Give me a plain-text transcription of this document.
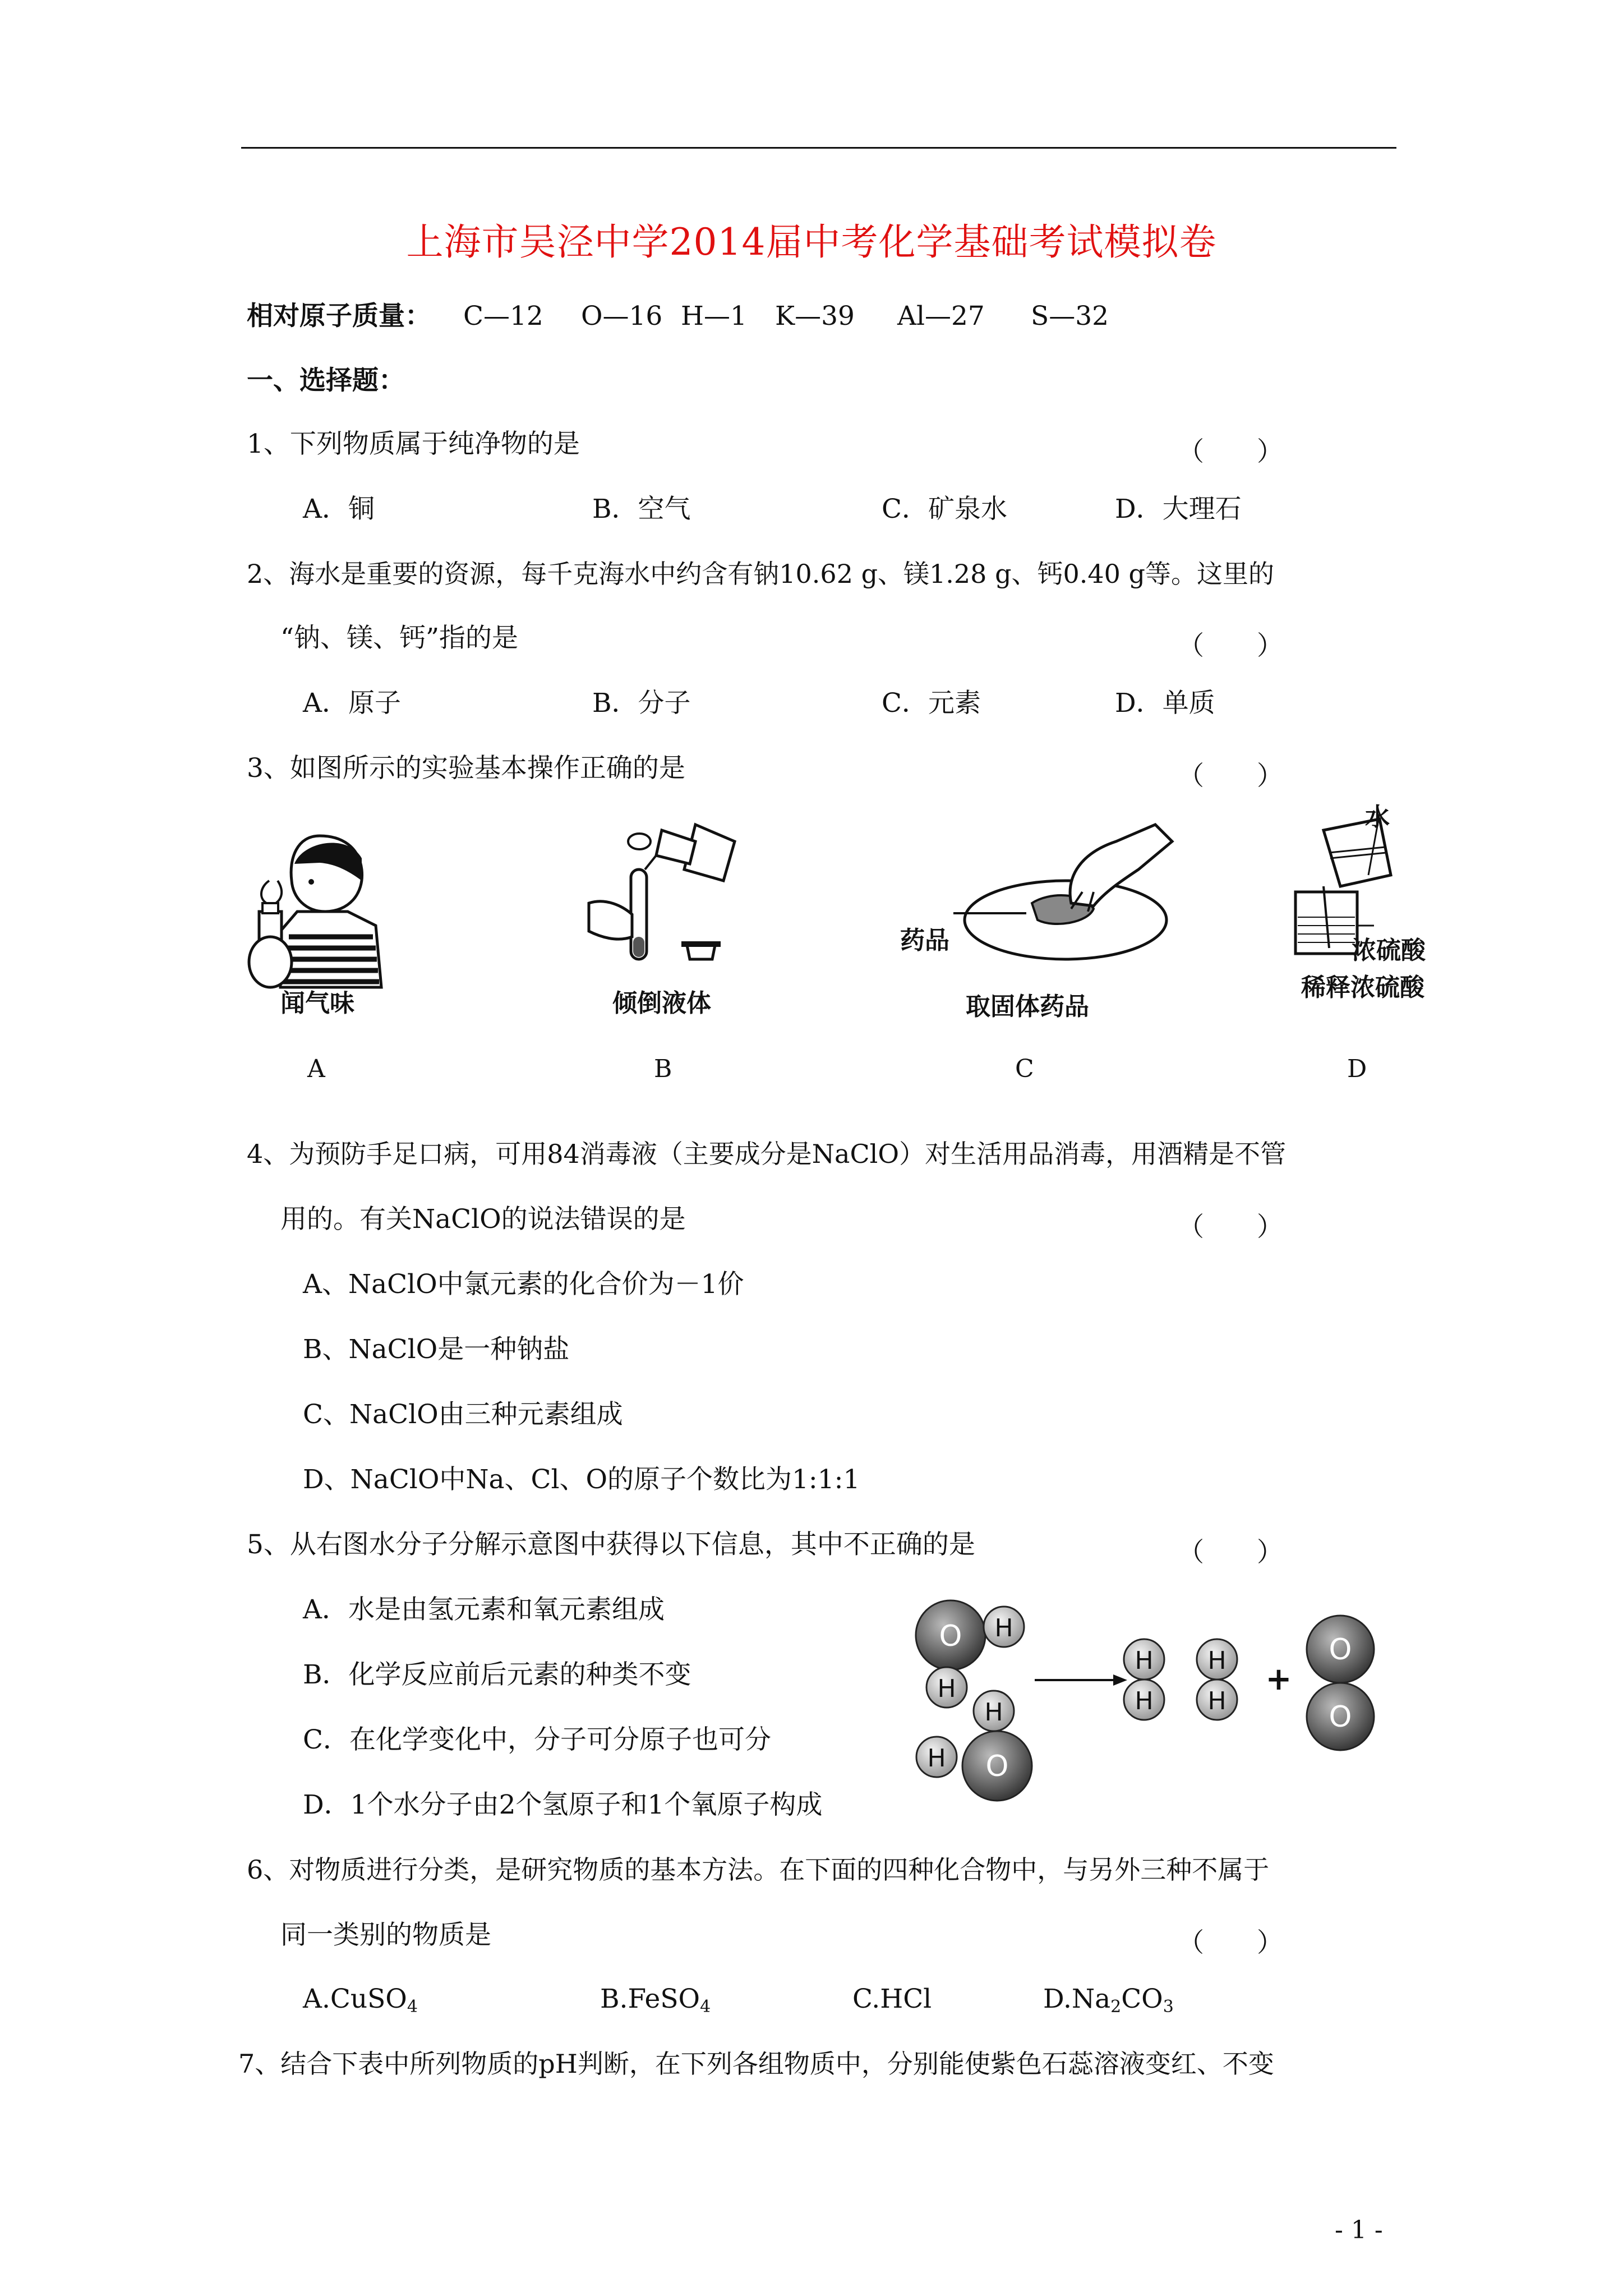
上海市吴泾中学2014届中考化学基础考试模拟卷
相对原子质量： C—12 O—16 H—1 K—39 Al—27 S—32
一、选择题：
1、下列物质属于纯净物的是	（　　）
A．铜	B．空气	C．矿泉水	D．大理石
2、海水是重要的资源，每千克海水中约含有钠10.62 g、镁1.28 g、钙0.40 g等。这里的
“钠、镁、钙”指的是	（　　）
A．原子	B．分子	C．元素	D．单质
3、如图所示的实验基本操作正确的是	（　　）
闻气味	倾倒液体
药品
取固体药品
水
浓硫酸
稀释浓硫酸
A	B	C	D
4、为预防手足口病，可用84消毒液（主要成分是NaClO）对生活用品消毒，用酒精是不管
用的。有关NaClO的说法错误的是	（　　）
A、NaClO中氯元素的化合价为－1价
B、NaClO是一种钠盐
C、NaClO由三种元素组成
D、NaClO中Na、Cl、O的原子个数比为1:1:1
5、从右图水分子分解示意图中获得以下信息，其中不正确的是	（　　）
A．水是由氢元素和氧元素组成
B．化学反应前后元素的种类不变
C．在化学变化中，分子可分原子也可分
D．1个水分子由2个氢原子和1个氧原子构成
O H
H
O
H
H
H
H
H
H
+
O
O
6、对物质进行分类，是研究物质的基本方法。在下面的四种化合物中，与另外三种不属于
同一类别的物质是	（　　）
A.CuSO$_4$	B.FeSO$_4$	C.HCl	$D.Na_2CO_3$
7、结合下表中所列物质的pH判断，在下列各组物质中，分别能使紫色石蕊溶液变红、不变
- 1 -
